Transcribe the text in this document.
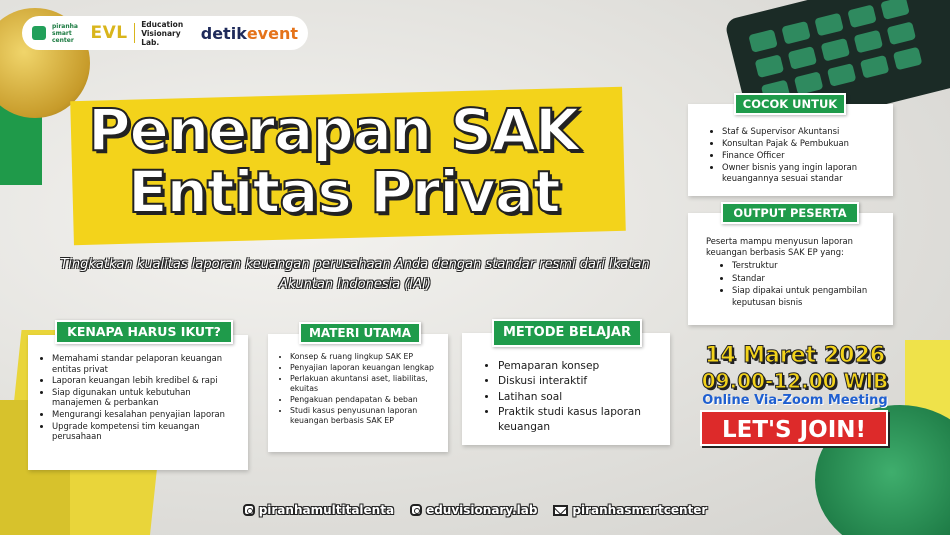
piranha
smart
center EVL Education
Visionary Lab.	detikevent
Penerapan SAK
Entitas Privat
Tingkatkan kualitas laporan keuangan perusahaan Anda dengan standar resmi dari Ikatan Akuntan Indonesia (IAI)
• Memahami standar pelaporan keuangan entitas privat
• Laporan keuangan lebih kredibel & rapi
• Siap digunakan untuk kebutuhan manajemen & perbankan
• Mengurangi kesalahan penyajian laporan
• Upgrade kompetensi tim keuangan perusahaan
KENAPA HARUS IKUT?
• Konsep & ruang lingkup SAK EP
• Penyajian laporan keuangan lengkap
• Perlakuan akuntansi aset, liabilitas, ekuitas
• Pengakuan pendapatan & beban
• Studi kasus penyusunan laporan keuangan berbasis SAK EP
MATERI UTAMA
• Pemaparan konsep
• Diskusi interaktif
• Latihan soal
• Praktik studi kasus laporan keuangan
METODE BELAJAR
• Staf & Supervisor Akuntansi
• Konsultan Pajak & Pembukuan
• Finance Officer
• Owner bisnis yang ingin laporan keuangannya sesuai standar
COCOK UNTUK
Peserta mampu menyusun laporan keuangan berbasis SAK EP yang:
• Terstruktur
• Standar
• Siap dipakai untuk pengambilan keputusan bisnis
OUTPUT PESERTA
14 Maret 2026
09.00-12.00 WIB
Online Via-Zoom Meeting
LET'S JOIN!
piranhamultitalenta	eduvisionary.lab	piranhasmartcenter
